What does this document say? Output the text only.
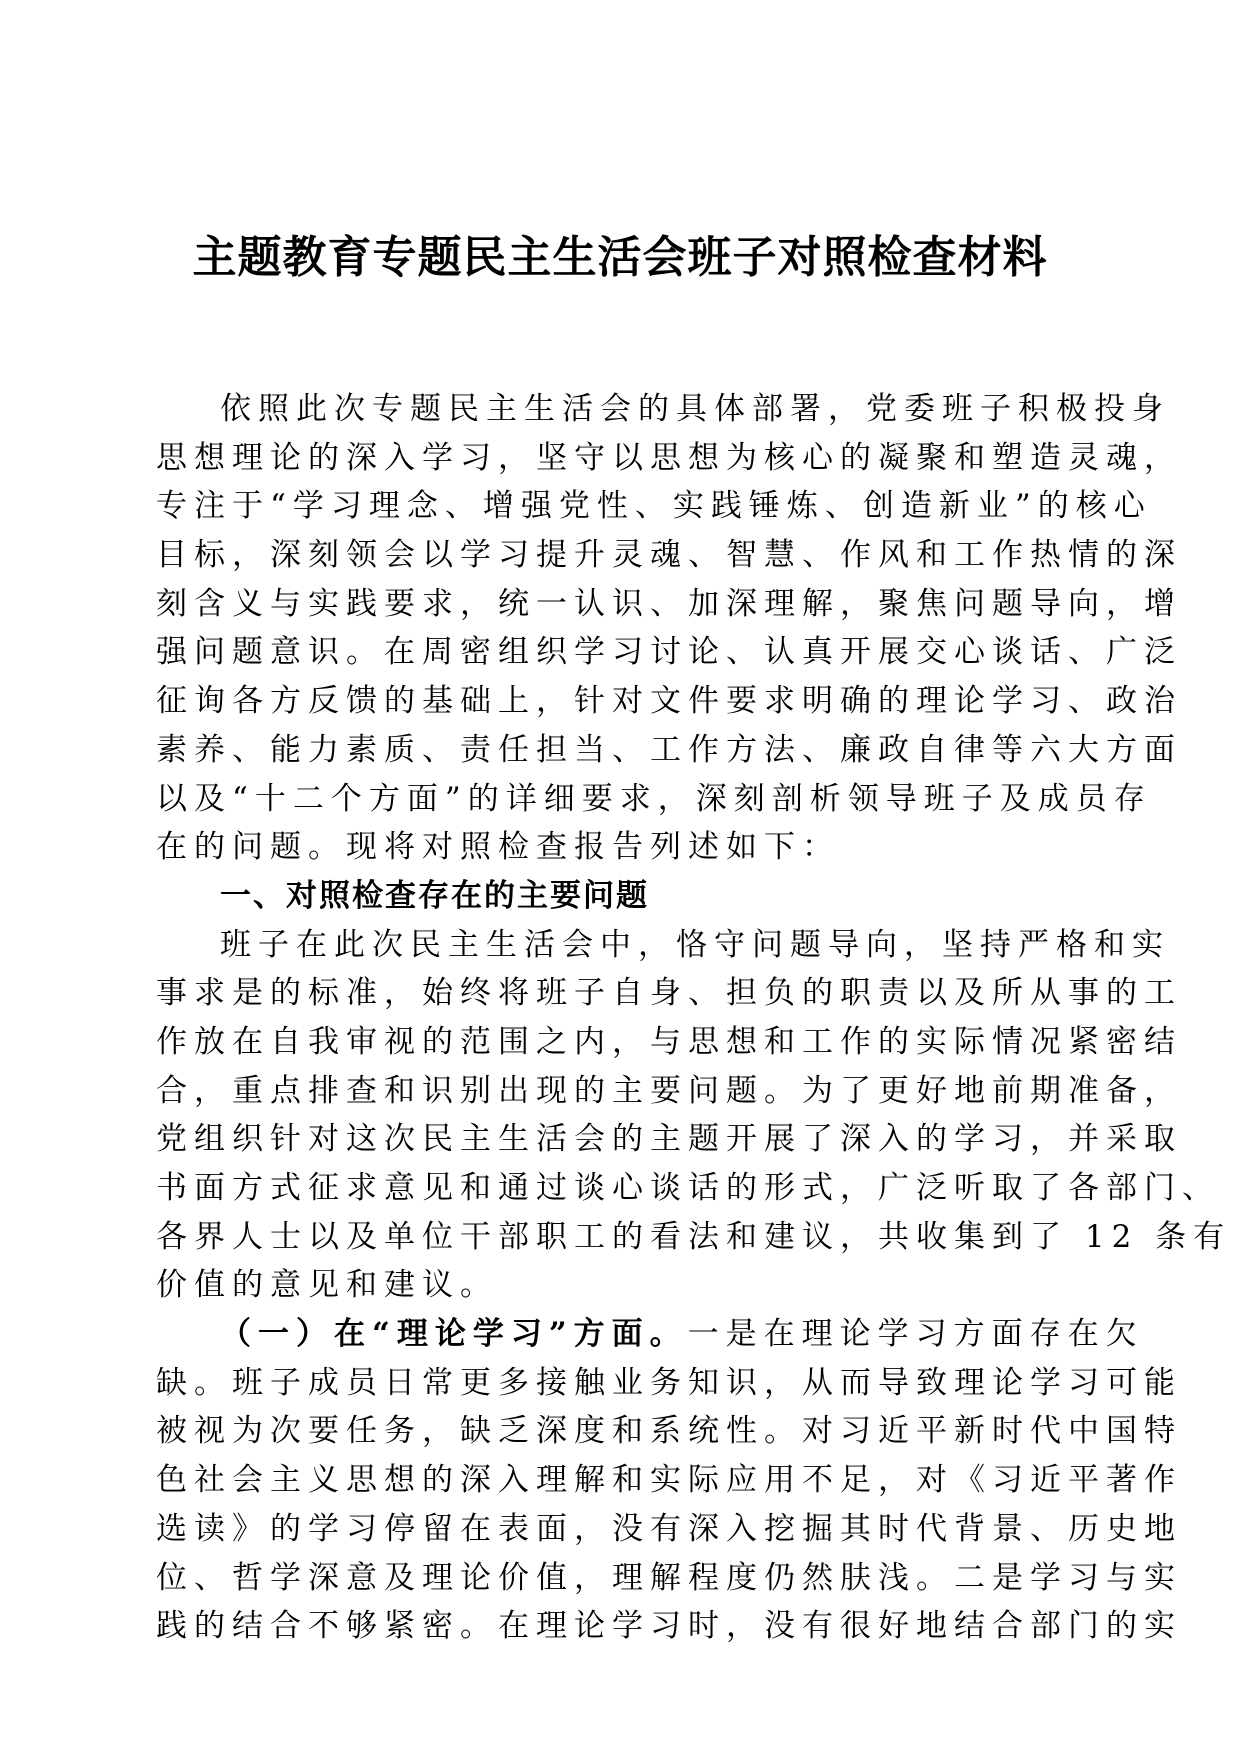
主题教育专题民主生活会班子对照检查材料
依照此次专题民主生活会的具体部署，党委班子积极投身
思想理论的深入学习，坚守以思想为核心的凝聚和塑造灵魂，
专注于“学习理念、增强党性、实践锤炼、创造新业”的核心
目标，深刻领会以学习提升灵魂、智慧、作风和工作热情的深
刻含义与实践要求，统一认识、加深理解，聚焦问题导向，增
强问题意识。在周密组织学习讨论、认真开展交心谈话、广泛
征询各方反馈的基础上，针对文件要求明确的理论学习、政治
素养、能力素质、责任担当、工作方法、廉政自律等六大方面
以及“十二个方面”的详细要求，深刻剖析领导班子及成员存
在的问题。现将对照检查报告列述如下：
一、对照检查存在的主要问题
班子在此次民主生活会中，恪守问题导向，坚持严格和实
事求是的标准，始终将班子自身、担负的职责以及所从事的工
作放在自我审视的范围之内，与思想和工作的实际情况紧密结
合，重点排查和识别出现的主要问题。为了更好地前期准备，
党组织针对这次民主生活会的主题开展了深入的学习，并采取
书面方式征求意见和通过谈心谈话的形式，广泛听取了各部门、
各界人士以及单位干部职工的看法和建议，共收集到了 12 条有
价值的意见和建议。
（一）在“理论学习”方面。一是在理论学习方面存在欠
缺。班子成员日常更多接触业务知识，从而导致理论学习可能
被视为次要任务，缺乏深度和系统性。对习近平新时代中国特
色社会主义思想的深入理解和实际应用不足，对《习近平著作
选读》的学习停留在表面，没有深入挖掘其时代背景、历史地
位、哲学深意及理论价值，理解程度仍然肤浅。二是学习与实
践的结合不够紧密。在理论学习时，没有很好地结合部门的实
